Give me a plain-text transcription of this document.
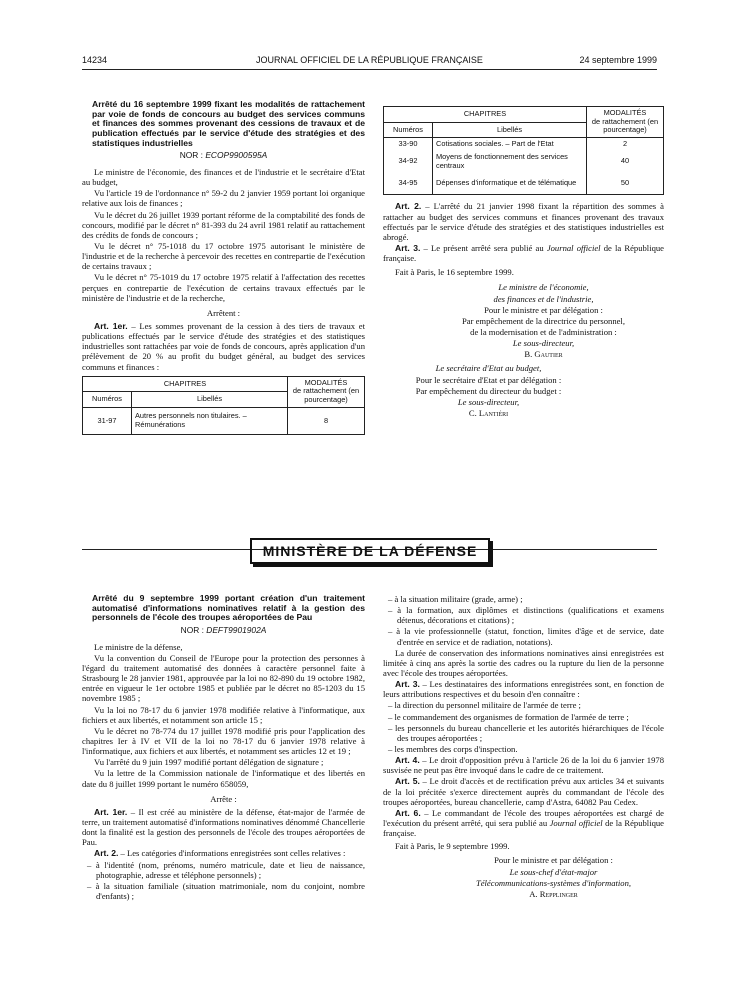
14234	JOURNAL OFFICIEL DE LA RÉPUBLIQUE FRANÇAISE	24 septembre 1999
Arrêté du 16 septembre 1999 fixant les modalités de rattachement par voie de fonds de concours au budget des services communs et finances des sommes provenant des cessions de travaux et de publication effectués par le service d'étude des stratégies et des statistiques industrielles
NOR : ECOP9900595A

Le ministre de l'économie, des finances et de l'industrie et le secrétaire d'Etat au budget,

Vu l'article 19 de l'ordonnance n° 59-2 du 2 janvier 1959 portant loi organique relative aux lois de finances ;

Vu le décret du 26 juillet 1939 portant réforme de la comptabilité des fonds de concours, modifié par le décret n° 81-393 du 24 avril 1981 relatif au rattachement des crédits de fonds de concours ;

Vu le décret n° 75-1018 du 17 octobre 1975 autorisant le ministère de l'industrie et de la recherche à percevoir des recettes en contrepartie de l'exécution de certains travaux ;

Vu le décret n° 75-1019 du 17 octobre 1975 relatif à l'affectation des recettes perçues en contrepartie de l'exécution de certains travaux effectués par le ministère de l'industrie et de la recherche,

Arrêtent :

Art. 1er. – Les sommes provenant de la cession à des tiers de travaux et publications effectués par le service d'étude des stratégies et des statistiques industrielles sont rattachées par voie de fonds de concours, après application d'un prélèvement de 20 % au profit du budget général, au budget des services communs et finances :

CHAPITRES		MODALITÉS
de rattachement (en pourcentage)
Numéros	Libellés	
31-97	Autres personnels non titulaires. – Rémunérations	8
CHAPITRES		MODALITÉS
de rattachement (en pourcentage)
Numéros	Libellés	
33-90	Cotisations sociales. – Part de l'Etat	2
34-92	Moyens de fonctionnement des services centraux	40
34-95	Dépenses d'informatique et de télématique	50

Art. 2. – L'arrêté du 21 janvier 1998 fixant la répartition des sommes à rattacher au budget des services communs et finances provenant des travaux effectués par le service d'étude des stratégies et des statistiques industrielles est abrogé.

Art. 3. – Le présent arrêté sera publié au Journal officiel de la République française.

Fait à Paris, le 16 septembre 1999.

Le ministre de l'économie,

des finances et de l'industrie,

Pour le ministre et par délégation :

Par empêchement de la directrice du personnel,

de la modernisation et de l'administration :

Le sous-directeur,

B. Gautier

Le secrétaire d'Etat au budget,

Pour le secrétaire d'Etat et par délégation :

Par empêchement du directeur du budget :

Le sous-directeur,

C. Lantiéri

MINISTÈRE DE LA DÉFENSE
Arrêté du 9 septembre 1999 portant création d'un traitement automatisé d'informations nominatives relatif à la gestion des personnels de l'école des troupes aéroportées de Pau
NOR : DEFT9901902A

Le ministre de la défense,

Vu la convention du Conseil de l'Europe pour la protection des personnes à l'égard du traitement automatisé des données à caractère personnel faite à Strasbourg le 28 janvier 1981, approuvée par la loi no 82-890 du 19 octobre 1982, entrée en vigueur le 1er octobre 1985 et publiée par le décret no 85-1203 du 15 novembre 1985 ;

Vu la loi no 78-17 du 6 janvier 1978 modifiée relative à l'informatique, aux fichiers et aux libertés, et notamment son article 15 ;

Vu le décret no 78-774 du 17 juillet 1978 modifié pris pour l'application des chapitres Ier à IV et VII de la loi no 78-17 du 6 janvier 1978 relative à l'informatique, aux fichiers et aux libertés, et notamment ses articles 12 et 19 ;

Vu l'arrêté du 9 juin 1997 modifié portant délégation de signature ;

Vu la lettre de la Commission nationale de l'informatique et des libertés en date du 8 juillet 1999 portant le numéro 658059,

Arrête :

Art. 1er. – Il est créé au ministère de la défense, état-major de l'armée de terre, un traitement automatisé d'informations nominatives dénommé Chancellerie dont la finalité est la gestion des personnels de l'école des troupes aéroportées de Pau.

Art. 2. – Les catégories d'informations enregistrées sont celles relatives :

– à l'identité (nom, prénoms, numéro matricule, date et lieu de naissance, photographie, adresse et téléphone personnels) ;
– à la situation familiale (situation matrimoniale, nom du conjoint, nombre d'enfants) ;
– à la situation militaire (grade, arme) ;
– à la formation, aux diplômes et distinctions (qualifications et examens détenus, décorations et citations) ;
– à la vie professionnelle (statut, fonction, limites d'âge et de service, date d'entrée en service et de radiation, notations).

La durée de conservation des informations nominatives ainsi enregistrées est limitée à cinq ans après la sortie des cadres ou la rupture du lien de la personne avec l'école des troupes aéroportées.

Art. 3. – Les destinataires des informations enregistrées sont, en fonction de leurs attributions respectives et du besoin d'en connaître :

– la direction du personnel militaire de l'armée de terre ;
– le commandement des organismes de formation de l'armée de terre ;
– les personnels du bureau chancellerie et les autorités hiérarchiques de l'école des troupes aéroportées ;
– les membres des corps d'inspection.

Art. 4. – Le droit d'opposition prévu à l'article 26 de la loi du 6 janvier 1978 susvisée ne peut pas être invoqué dans le cadre de ce traitement.

Art. 5. – Le droit d'accès et de rectification prévu aux articles 34 et suivants de la loi précitée s'exerce directement auprès du commandant de l'école des troupes aéroportées, bureau chancellerie, camp d'Astra, 64082 Pau Cedex.

Art. 6. – Le commandant de l'école des troupes aéroportées est chargé de l'exécution du présent arrêté, qui sera publié au Journal officiel de la République française.

Fait à Paris, le 9 septembre 1999.

Pour le ministre et par délégation :

Le sous-chef d'état-major

Télécommunications-systèmes d'information,

A. Repplinger
